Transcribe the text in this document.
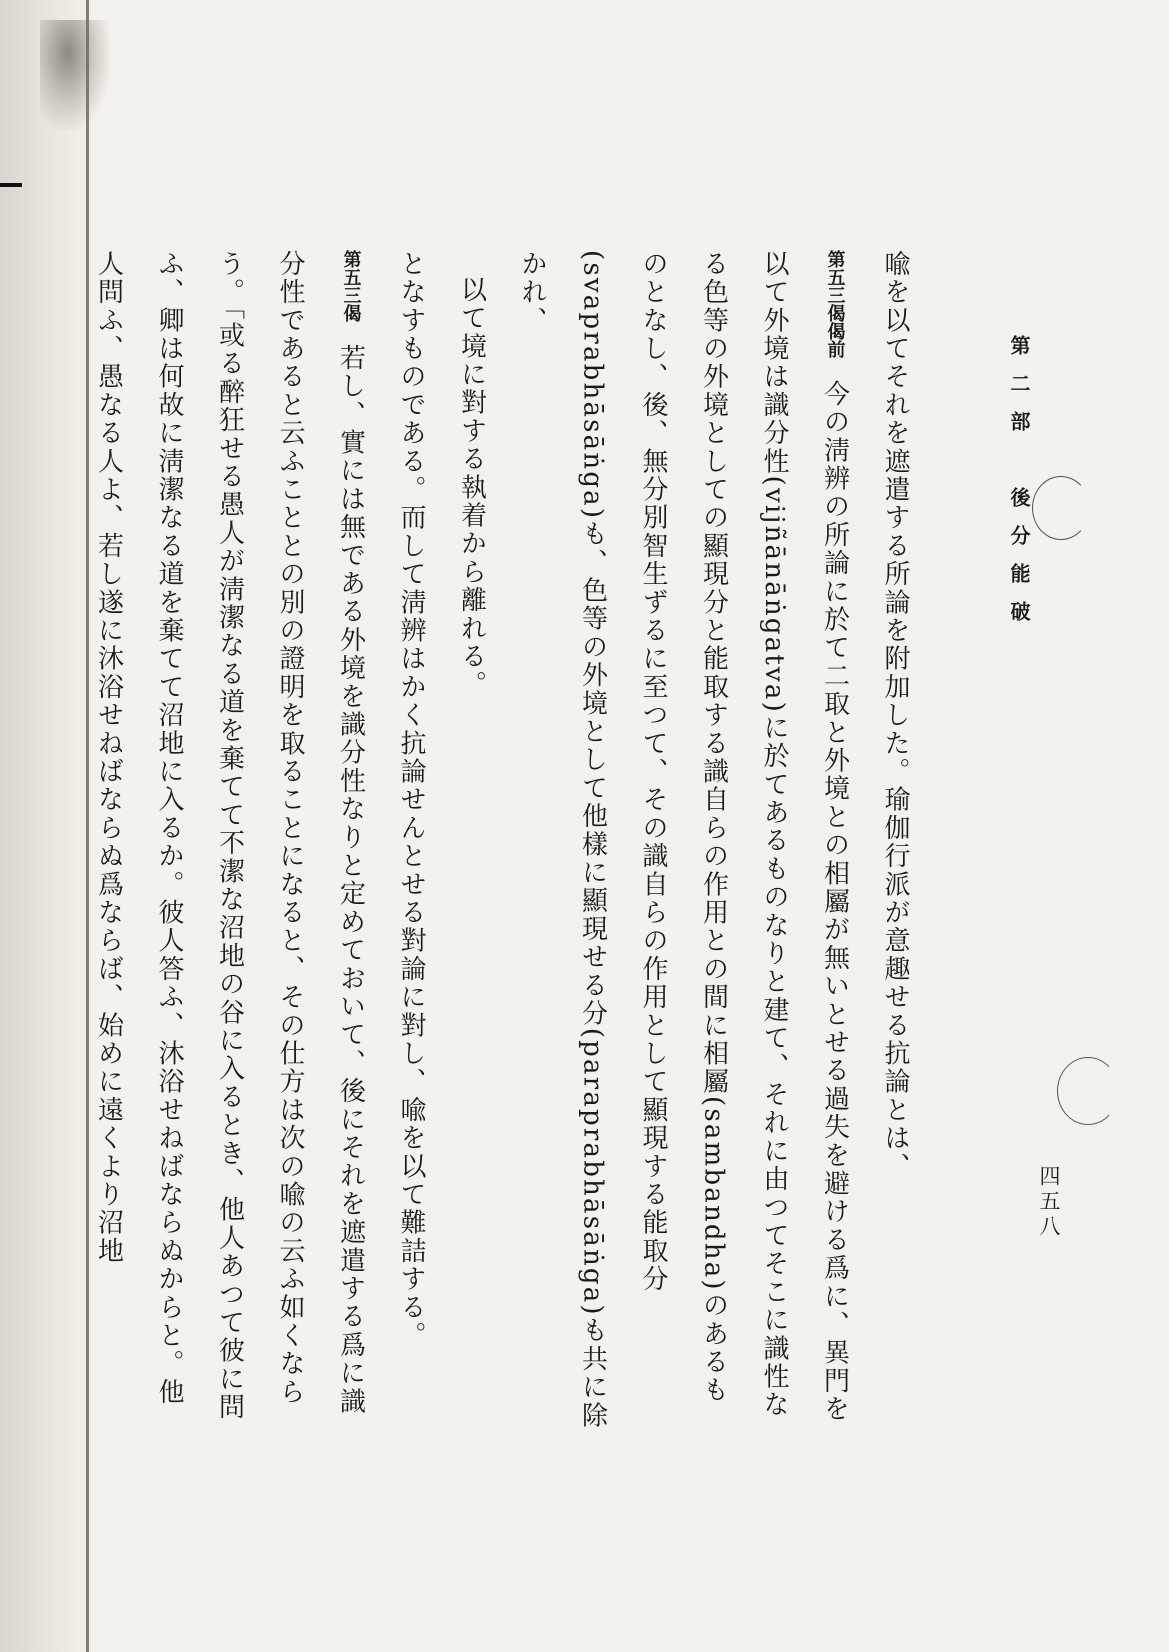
第二部　後分能破
四五八

喩を以てそれを遮遣する所論を附加した。瑜伽行派が意趣せる抗論とは、

第五三偈偈前今の淸辨の所論に於て二取と外境との相屬が無いとせる過失を避ける爲に、異門を以て外境は識分性(vijñānāṅgatva)に於てあるものなりと建て、それに由つてそこに識性なる色等の外境としての顯現分と能取する識自らの作用との間に相屬(sambandha)のあるものとなし、後、無分別智生ずるに至つて、その識自らの作用として顯現する能取分(svaprabhāsāṅga)も、色等の外境として他樣に顯現せる分(paraprabhāsāṅga)も共に除かれ、

以て境に對する執着から離れる。

となすものである。而して淸辨はかく抗論せんとせる對論に對し、喩を以て難詰する。

第五三偈若し、實には無である外境を識分性なりと定めておいて、後にそれを遮遣する爲に識分性であると云ふこととの別の證明を取ることになると、その仕方は次の喩の云ふ如くならう。「或る醉狂せる愚人が淸潔なる道を棄てて不潔な沼地の谷に入るとき、他人あつて彼に問ふ、卿は何故に淸潔なる道を棄てて沼地に入るか。彼人答ふ、沐浴せねばならぬからと。他人問ふ、愚なる人よ、若し遂に沐浴せねばならぬ爲ならば、始めに遠くより沼地
